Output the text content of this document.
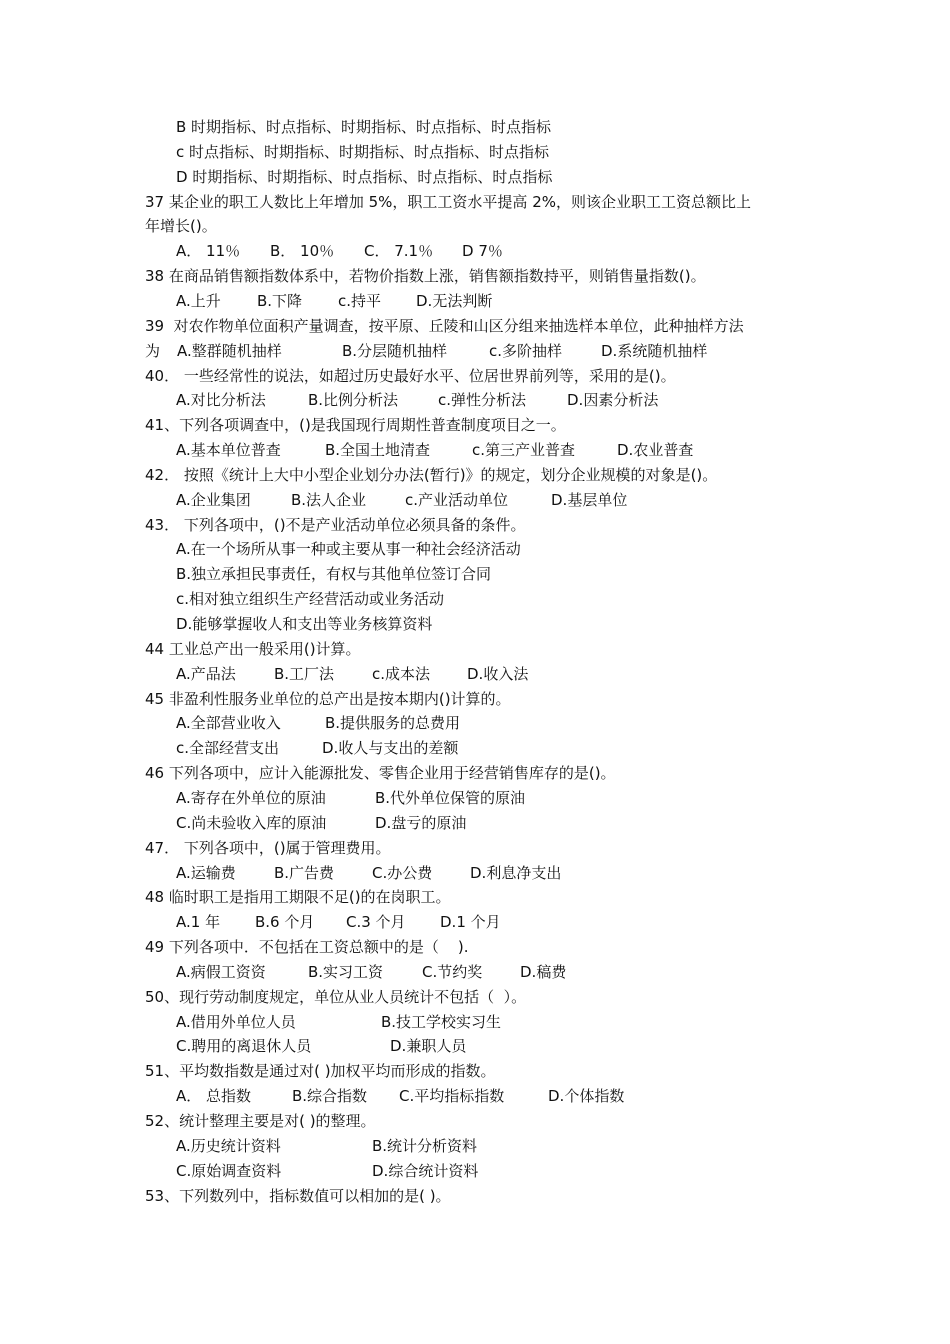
B 时期指标、时点指标、时期指标、时点指标、时点指标
c 时点指标、时期指标、时期指标、时点指标、时点指标
D 时期指标、时期指标、时点指标、时点指标、时点指标
37 某企业的职工人数比上年增加 5%，职工工资水平提高 2%，则该企业职工工资总额比上
年增长()。
A． 11％ B． 10％ C． 7.1％ D 7％
38 在商品销售额指数体系中，若物价指数上涨，销售额指数持平，则销售量指数()。
A.上升 B.下降 c.持平 D.无法判断
39  对农作物单位面积产量调查，按平原、丘陵和山区分组来抽选样本单位，此种抽样方法
为 A.整群随机抽样	B.分层随机抽样	c.多阶抽样	D.系统随机抽样
40． 一些经常性的说法，如超过历史最好水平、位居世界前列等，采用的是()。
A.对比分析法	B.比例分析法	c.弹性分析法	D.因素分析法
41、下列各项调查中，()是我国现行周期性普查制度项目之一。
A.基本单位普查	B.全国土地清查	c.第三产业普查	D.农业普查
42． 按照《统计上大中小型企业划分办法(暂行)》的规定，划分企业规模的对象是()。
A.企业集团	B.法人企业	c.产业活动单位	D.基层单位
43． 下列各项中，()不是产业活动单位必须具备的条件。
A.在一个场所从事一种或主要从事一种社会经济活动
B.独立承担民事责任，有权与其他单位签订合同
c.相对独立组织生产经营活动或业务活动
D.能够掌握收人和支出等业务核算资料
44 工业总产出一般采用()计算。
A.产品法	B.工厂法	c.成本法 D.收入法
45 非盈利性服务业单位的总产出是按本期内()计算的。
A.全部营业收入	B.提供服务的总费用
c.全部经营支出	D.收人与支出的差额
46 下列各项中，应计入能源批发、零售企业用于经营销售库存的是()。
A.寄存在外单位的原油	B.代外单位保管的原油
C.尚未验收入库的原油	D.盘亏的原油
47． 下列各项中，()属于管理费用。
A.运输费	B.广告费	C.办公费	D.利息净支出
48 临时职工是指用工期限不足()的在岗职工。
A.1 年 B.6 个月 C.3 个月 D.1 个月
49 下列各项中．不包括在工资总额中的是（    ).
A.病假工资资	B.实习工资	C.节约奖	D.稿费
50、现行劳动制度规定，单位从业人员统计不包括（  ）。
A.借用外单位人员	B.技工学校实习生
C.聘用的离退休人员	D.兼职人员
51、平均数指数是通过对( )加权平均而形成的指数。
A． 总指数	B.综合指数 C.平均指标指数	D.个体指数
52、统计整理主要是对( )的整理。
A.历史统计资料	B.统计分析资料
C.原始调查资料	D.综合统计资料
53、下列数列中，指标数值可以相加的是( )。
